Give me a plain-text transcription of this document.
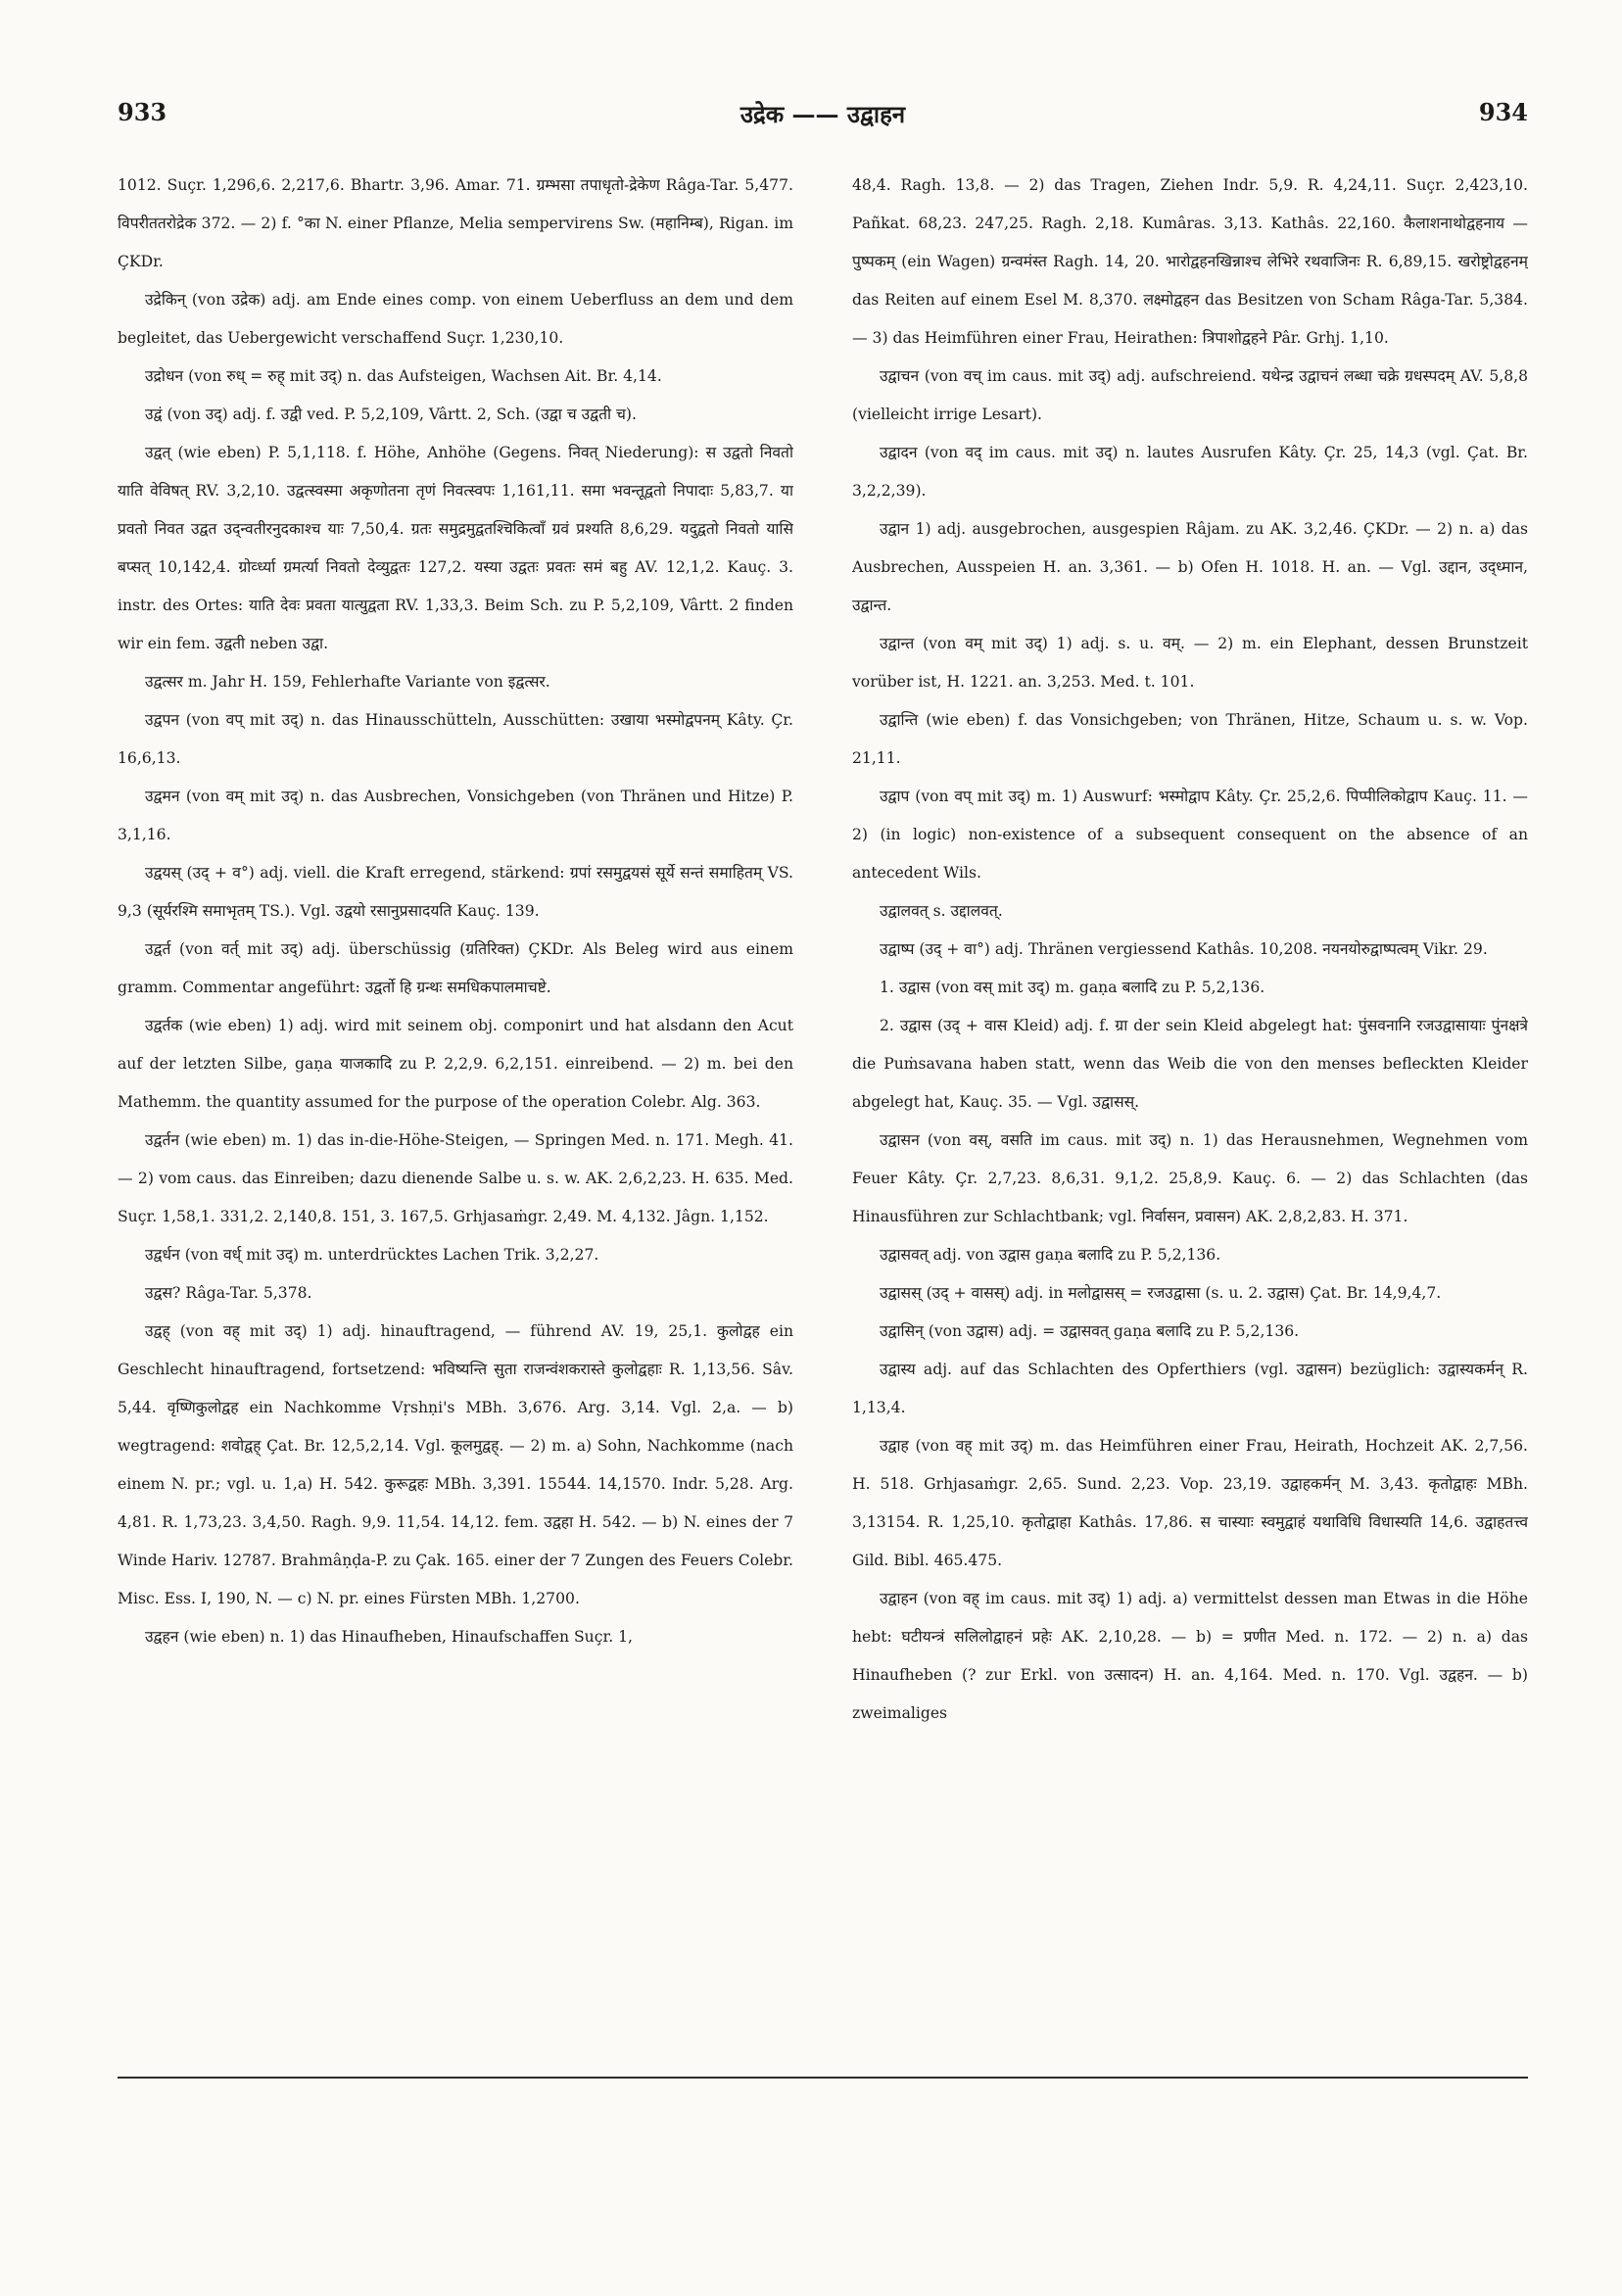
933	उद्रेक —— उद्वाहन	934

1012. Suçr. 1,296,6. 2,217,6. Bhartr. 3,96. Amar. 71. ग्रम्भसा तपाधृतो-द्रेकेण Râga-Tar. 5,477. विपरीततरोद्रेक 372. — 2) f. °का N. einer Pflanze, Melia sempervirens Sw. (महानिम्ब), Rigan. im ÇKDr.

उद्रेकिन् (von उद्रेक) adj. am Ende eines comp. von einem Ueberfluss an dem und dem begleitet, das Uebergewicht verschaffend Suçr. 1,230,10.

उद्रोधन (von रुध् = रुह् mit उद्) n. das Aufsteigen, Wachsen Ait. Br. 4,14.

उद्वं (von उद्) adj. f. उद्वी ved. P. 5,2,109, Vârtt. 2, Sch. (उद्वा च उद्वती च).

उद्वत् (wie eben) P. 5,1,118. f. Höhe, Anhöhe (Gegens. निवत् Niederung): स उद्वतो निवतो याति वेविषत् RV. 3,2,10. उद्वत्स्वस्मा अकृणोतना तृणं निवत्स्वपः 1,161,11. समा भवन्तूद्वतो निपादाः 5,83,7. या प्रवतो निवत उद्वत उद्न्वतीरनुदकाश्च याः 7,50,4. ग्रतः समुद्रमुद्वतश्चिकित्वाँ ग्रवं प्रश्यति 8,6,29. यदुद्वतो निवतो यासि बप्सत् 10,142,4. ग्रोर्व्ध्या ग्रमर्त्या निवतो देव्युद्वतः 127,2. यस्या उद्वतः प्रवतः समं बहु AV. 12,1,2. Kauç. 3. instr. des Ortes: याति देवः प्रवता यात्युद्वता RV. 1,33,3. Beim Sch. zu P. 5,2,109, Vârtt. 2 finden wir ein fem. उद्वती neben उद्वा.

उद्वत्सर m. Jahr H. 159, Fehlerhafte Variante von इद्वत्सर.

उद्वपन (von वप् mit उद्) n. das Hinausschütteln, Ausschütten: उखाया भस्मोद्वपनम् Kâty. Çr. 16,6,13.

उद्वमन (von वम् mit उद्) n. das Ausbrechen, Vonsichgeben (von Thränen und Hitze) P. 3,1,16.

उद्वयस् (उद् + व°) adj. viell. die Kraft erregend, stärkend: ग्रपां रसमुद्वयसं सूर्ये सन्तं समाहितम् VS. 9,3 (सूर्यरश्मि समाभृतम् TS.). Vgl. उद्वयो रसानुप्रसादयति Kauç. 139.

उद्वर्त (von वर्त् mit उद्) adj. überschüssig (ग्रतिरिक्त) ÇKDr. Als Beleg wird aus einem gramm. Commentar angeführt: उद्वर्तो हि ग्रन्थः समधिकपालमाचष्टे.

उद्वर्तक (wie eben) 1) adj. wird mit seinem obj. componirt und hat alsdann den Acut auf der letzten Silbe, gaṇa याजकादि zu P. 2,2,9. 6,2,151. einreibend. — 2) m. bei den Mathemm. the quantity assumed for the purpose of the operation Colebr. Alg. 363.

उद्वर्तन (wie eben) m. 1) das in-die-Höhe-Steigen, — Springen Med. n. 171. Megh. 41. — 2) vom caus. das Einreiben; dazu dienende Salbe u. s. w. AK. 2,6,2,23. H. 635. Med. Suçr. 1,58,1. 331,2. 2,140,8. 151, 3. 167,5. Grhjasaṁgr. 2,49. M. 4,132. Jâgn. 1,152.

उद्वर्धन (von वर्ध् mit उद्) m. unterdrücktes Lachen Trik. 3,2,27.

उद्वस? Râga-Tar. 5,378.

उद्वह् (von वह् mit उद्) 1) adj. hinauftragend, — führend AV. 19, 25,1. कुलोद्वह ein Geschlecht hinauftragend, fortsetzend: भविष्यन्ति सुता राजन्वंशकरास्ते कुलोद्वहाः R. 1,13,56. Sâv. 5,44. वृष्णिकुलोद्वह ein Nachkomme Vṛshṇi's MBh. 3,676. Arg. 3,14. Vgl. 2,a. — b) wegtragend: शवोद्वह् Çat. Br. 12,5,2,14. Vgl. कूलमुद्वह्. — 2) m. a) Sohn, Nachkomme (nach einem N. pr.; vgl. u. 1,a) H. 542. कुरूद्वहः MBh. 3,391. 15544. 14,1570. Indr. 5,28. Arg. 4,81. R. 1,73,23. 3,4,50. Ragh. 9,9. 11,54. 14,12. fem. उद्वहा H. 542. — b) N. eines der 7 Winde Hariv. 12787. Brahmâṇḍa-P. zu Çak. 165. einer der 7 Zungen des Feuers Colebr. Misc. Ess. I, 190, N. — c) N. pr. eines Fürsten MBh. 1,2700.

उद्वहन (wie eben) n. 1) das Hinaufheben, Hinaufschaffen Suçr. 1,

48,4. Ragh. 13,8. — 2) das Tragen, Ziehen Indr. 5,9. R. 4,24,11. Suçr. 2,423,10. Pañkat. 68,23. 247,25. Ragh. 2,18. Kumâras. 3,13. Kathâs. 22,160. कैलाशनाथोद्वहनाय — पुष्पकम् (ein Wagen) ग्रन्वमंस्त Ragh. 14, 20. भारोद्वहनखिन्नाश्च लेभिरे रथवाजिनः R. 6,89,15. खरोष्ट्रोद्वहनम् das Reiten auf einem Esel M. 8,370. लक्ष्मोद्वहन das Besitzen von Scham Râga-Tar. 5,384. — 3) das Heimführen einer Frau, Heirathen: त्रिपाशोद्वहने Pâr. Grhj. 1,10.

उद्वाचन (von वच् im caus. mit उद्) adj. aufschreiend. यथेन्द्र उद्वाचनं लब्धा चक्रे ग्रधस्पदम् AV. 5,8,8 (vielleicht irrige Lesart).

उद्वादन (von वद् im caus. mit उद्) n. lautes Ausrufen Kâty. Çr. 25, 14,3 (vgl. Çat. Br. 3,2,2,39).

उद्वान 1) adj. ausgebrochen, ausgespien Râjam. zu AK. 3,2,46. ÇKDr. — 2) n. a) das Ausbrechen, Ausspeien H. an. 3,361. — b) Ofen H. 1018. H. an. — Vgl. उद्दान, उद्ध्मान, उद्वान्त.

उद्वान्त (von वम् mit उद्) 1) adj. s. u. वम्. — 2) m. ein Elephant, dessen Brunstzeit vorüber ist, H. 1221. an. 3,253. Med. t. 101.

उद्वान्ति (wie eben) f. das Vonsichgeben; von Thränen, Hitze, Schaum u. s. w. Vop. 21,11.

उद्वाप (von वप् mit उद्) m. 1) Auswurf: भस्मोद्वाप Kâty. Çr. 25,2,6. पिप्पीलिकोद्वाप Kauç. 11. — 2) (in logic) non-existence of a subsequent consequent on the absence of an antecedent Wils.

उद्वालवत् s. उद्दालवत्.

उद्वाष्प (उद् + वा°) adj. Thränen vergiessend Kathâs. 10,208. नयनयोरुद्वाष्पत्वम् Vikr. 29.

1. उद्वास (von वस् mit उद्) m. gaṇa बलादि zu P. 5,2,136.

2. उद्वास (उद् + वास Kleid) adj. f. ग्रा der sein Kleid abgelegt hat: पुंसवनानि रजउद्वासायाः पुंनक्षत्रे die Puṁsavana haben statt, wenn das Weib die von den menses befleckten Kleider abgelegt hat, Kauç. 35. — Vgl. उद्वासस्.

उद्वासन (von वस्, वसति im caus. mit उद्) n. 1) das Herausnehmen, Wegnehmen vom Feuer Kâty. Çr. 2,7,23. 8,6,31. 9,1,2. 25,8,9. Kauç. 6. — 2) das Schlachten (das Hinausführen zur Schlachtbank; vgl. निर्वासन, प्रवासन) AK. 2,8,2,83. H. 371.

उद्वासवत् adj. von उद्वास gaṇa बलादि zu P. 5,2,136.

उद्वासस् (उद् + वासस्) adj. in मलोद्वासस् = रजउद्वासा (s. u. 2. उद्वास) Çat. Br. 14,9,4,7.

उद्वासिन् (von उद्वास) adj. = उद्वासवत् gaṇa बलादि zu P. 5,2,136.

उद्वास्य adj. auf das Schlachten des Opferthiers (vgl. उद्वासन) bezüglich: उद्वास्यकर्मन् R. 1,13,4.

उद्वाह (von वह् mit उद्) m. das Heimführen einer Frau, Heirath, Hochzeit AK. 2,7,56. H. 518. Grhjasaṁgr. 2,65. Sund. 2,23. Vop. 23,19. उद्वाहकर्मन् M. 3,43. कृतोद्वाहः MBh. 3,13154. R. 1,25,10. कृतोद्वाहा Kathâs. 17,86. स चास्याः स्वमुद्वाहं यथाविधि विधास्यति 14,6. उद्वाहतत्त्व Gild. Bibl. 465.475.

उद्वाहन (von वह् im caus. mit उद्) 1) adj. a) vermittelst dessen man Etwas in die Höhe hebt: घटीयन्त्रं सलिलोद्वाहनं प्रहेः AK. 2,10,28. — b) = प्रणीत Med. n. 172. — 2) n. a) das Hinaufheben (? zur Erkl. von उत्सादन) H. an. 4,164. Med. n. 170. Vgl. उद्वहन. — b) zweimaliges
